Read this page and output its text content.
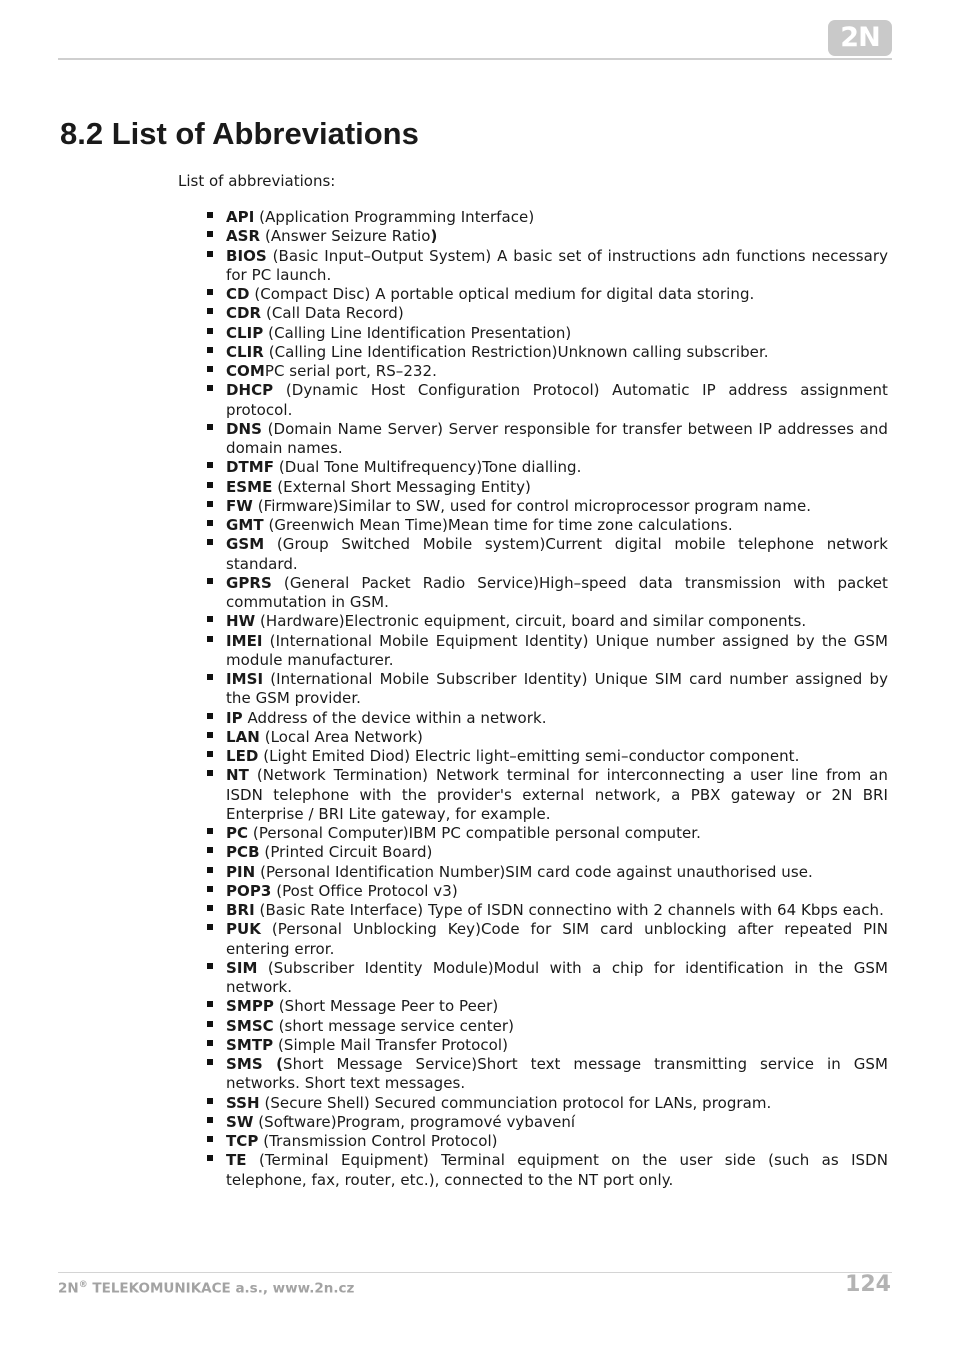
2N
8.2 List of Abbreviations
List of abbreviations:
API (Application Programming Interface)
ASR (Answer Seizure Ratio)
BIOS (Basic Input–Output System) A basic set of instructions adn functions necessary for PC launch.
CD (Compact Disc) A portable optical medium for digital data storing.
CDR (Call Data Record)
CLIP (Calling Line Identification Presentation)
CLIR (Calling Line Identification Restriction)Unknown calling subscriber.
COMPC serial port, RS–232.
DHCP (Dynamic Host Configuration Protocol) Automatic IP address assignment protocol.
DNS (Domain Name Server) Server responsible for transfer between IP addresses and domain names.
DTMF (Dual Tone Multifrequency)Tone dialling.
ESME (External Short Messaging Entity)
FW (Firmware)Similar to SW, used for control microprocessor program name.
GMT (Greenwich Mean Time)Mean time for time zone calculations.
GSM (Group Switched Mobile system)Current digital mobile telephone network standard.
GPRS (General Packet Radio Service)High–speed data transmission with packet commutation in GSM.
HW (Hardware)Electronic equipment, circuit, board and similar components.
IMEI (International Mobile Equipment Identity) Unique number assigned by the GSM module manufacturer.
IMSI (International Mobile Subscriber Identity) Unique SIM card number assigned by the GSM provider.
IP Address of the device within a network.
LAN (Local Area Network)
LED (Light Emited Diod) Electric light–emitting semi–conductor component.
NT (Network Termination) Network terminal for interconnecting a user line from an ISDN telephone with the provider's external network, a PBX gateway or 2N BRI Enterprise / BRI Lite gateway, for example.
PC (Personal Computer)IBM PC compatible personal computer.
PCB (Printed Circuit Board)
PIN (Personal Identification Number)SIM card code against unauthorised use.
POP3 (Post Office Protocol v3)
BRI (Basic Rate Interface) Type of ISDN connectino with 2 channels with 64 Kbps each.
PUK (Personal Unblocking Key)Code for SIM card unblocking after repeated PIN entering error.
SIM (Subscriber Identity Module)Modul with a chip for identification in the GSM network.
SMPP (Short Message Peer to Peer)
SMSC (short message service center)
SMTP (Simple Mail Transfer Protocol)
SMS (Short Message Service)Short text message transmitting service in GSM networks. Short text messages.
SSH (Secure Shell) Secured communciation protocol for LANs, program.
SW (Software)Program, programové vybavení
TCP (Transmission Control Protocol)
TE (Terminal Equipment) Terminal equipment on the user side (such as ISDN telephone, fax, router, etc.), connected to the NT port only.
2N® TELEKOMUNIKACE a.s., www.2n.cz	124
